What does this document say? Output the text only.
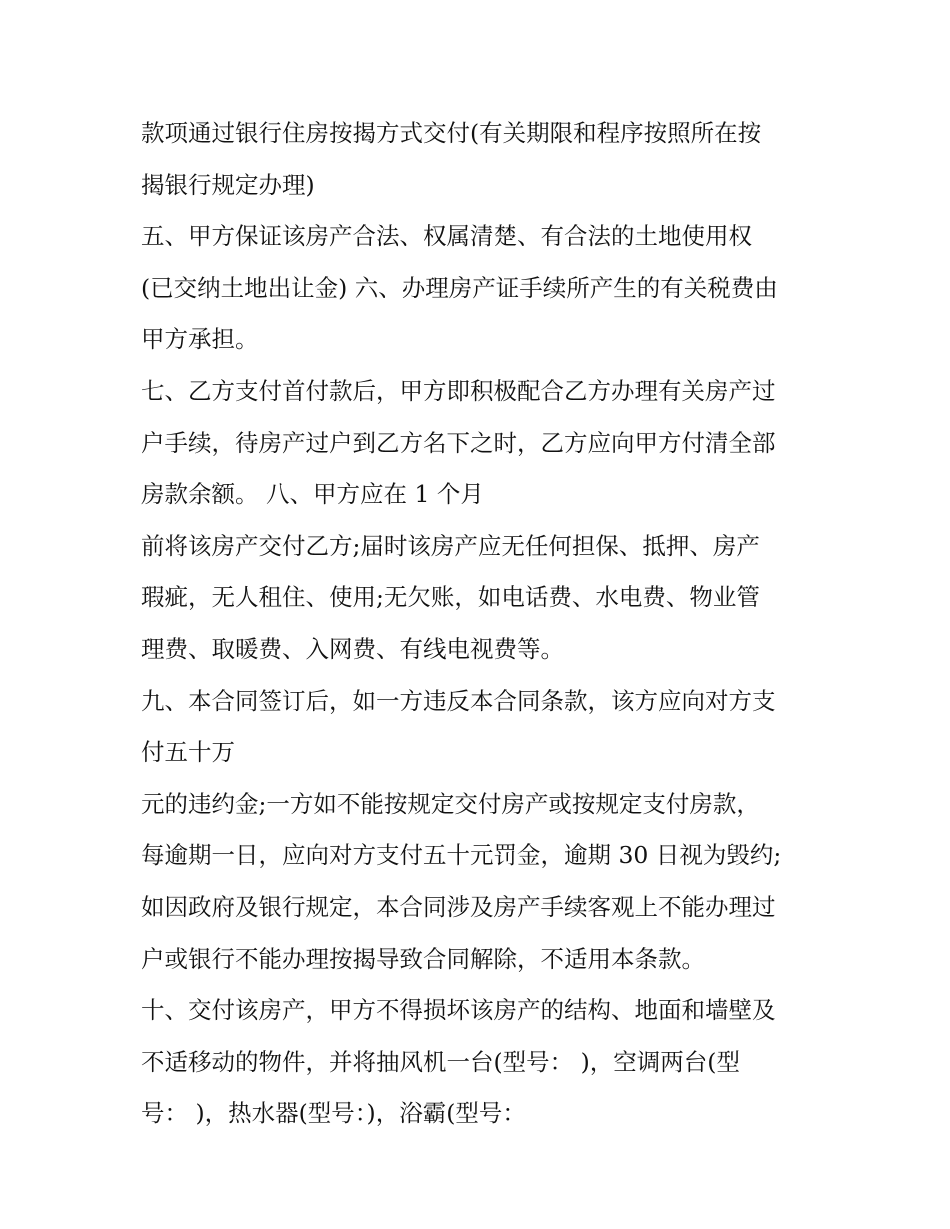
款项通过银行住房按揭方式交付(有关期限和程序按照所在按
揭银行规定办理)
五、甲方保证该房产合法、权属清楚、有合法的土地使用权
(已交纳土地出让金) 六、办理房产证手续所产生的有关税费由
甲方承担。
七、乙方支付首付款后，甲方即积极配合乙方办理有关房产过
户手续，待房产过户到乙方名下之时，乙方应向甲方付清全部
房款余额。 八、甲方应在 1 个月
前将该房产交付乙方;届时该房产应无任何担保、抵押、房产
瑕疵，无人租住、使用;无欠账，如电话费、水电费、物业管
理费、取暖费、入网费、有线电视费等。
九、本合同签订后，如一方违反本合同条款，该方应向对方支
付五十万
元的违约金;一方如不能按规定交付房产或按规定支付房款，
每逾期一日，应向对方支付五十元罚金，逾期 30 日视为毁约;
如因政府及银行规定，本合同涉及房产手续客观上不能办理过
户或银行不能办理按揭导致合同解除，不适用本条款。
十、交付该房产，甲方不得损坏该房产的结构、地面和墙壁及
不适移动的物件，并将抽风机一台(型号： )，空调两台(型
号： )，热水器(型号：)，浴霸(型号：
